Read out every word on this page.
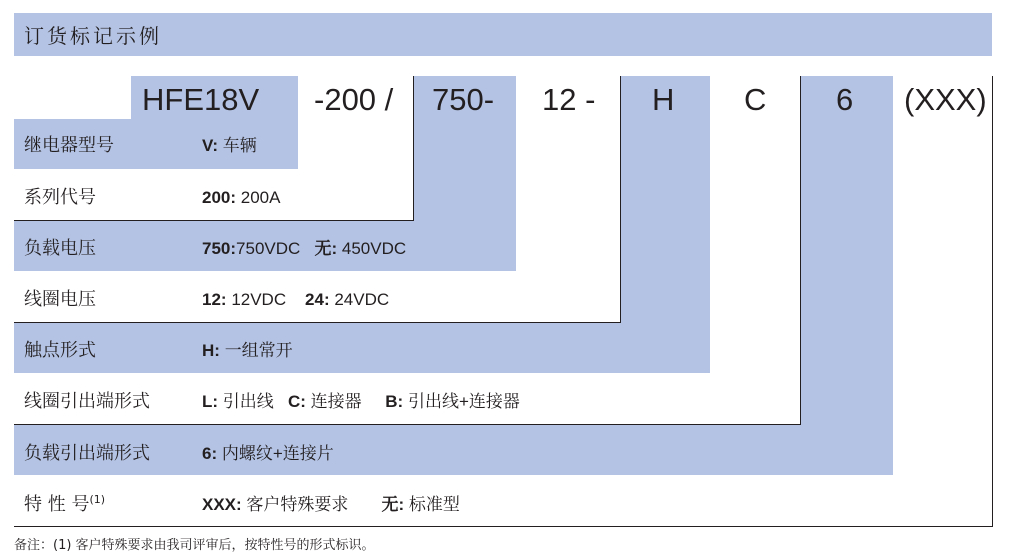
订货标记示例
HFE18V -200 / 750- 12 - H C 6 (XXX)
继电器型号	V: 车辆
系列代号	200: 200A
负载电压	750:750VDC 无: 450VDC
线圈电压	12: 12VDC 24: 24VDC
触点形式	H: 一组常开
线圈引出端形式	L: 引出线 C: 连接器 B: 引出线+连接器
负载引出端形式	6: 内螺纹+连接片
特 性 号$^{(1)}$	XXX: 客户特殊要求 无: 标准型
备注：(1) 客户特殊要求由我司评审后，按特性号的形式标识。
